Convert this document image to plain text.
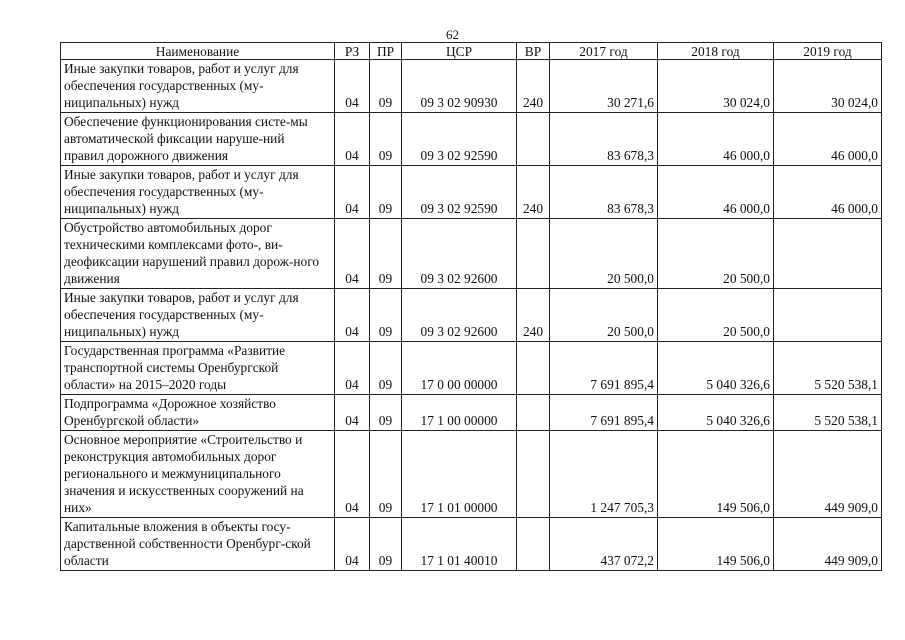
62
Наименование	РЗ	ПР	ЦСР	ВР	2017 год	2018 год	2019 год

Иные закупки товаров, работ и услуг для обеспечения государственных (му-ниципальных) нужд	04	09	09 3 02 90930	240	30 271,6	30 024,0	30 024,0

Обеспечение функционирования систе-мы автоматической фиксации наруше-ний правил дорожного движения	04	09	09 3 02 92590		83 678,3	46 000,0	46 000,0

Иные закупки товаров, работ и услуг для обеспечения государственных (му-ниципальных) нужд	04	09	09 3 02 92590	240	83 678,3	46 000,0	46 000,0

Обустройство автомобильных дорог техническими комплексами фото-, ви-деофиксации нарушений правил дорож-ного движения	04	09	09 3 02 92600		20 500,0	20 500,0	

Иные закупки товаров, работ и услуг для обеспечения государственных (му-ниципальных) нужд	04	09	09 3 02 92600	240	20 500,0	20 500,0	

Государственная программа «Развитие транспортной системы Оренбургской области» на 2015–2020 годы	04	09	17 0 00 00000		7 691 895,4	5 040 326,6	5 520 538,1

Подпрограмма «Дорожное хозяйство Оренбургской области»	04	09	17 1 00 00000		7 691 895,4	5 040 326,6	5 520 538,1

Основное мероприятие «Строительство и реконструкция автомобильных дорог регионального и межмуниципального значения и искусственных сооружений на них»	04	09	17 1 01 00000		1 247 705,3	149 506,0	449 909,0

Капитальные вложения в объекты госу-дарственной собственности Оренбург-ской области	04	09	17 1 01 40010		437 072,2	149 506,0	449 909,0
